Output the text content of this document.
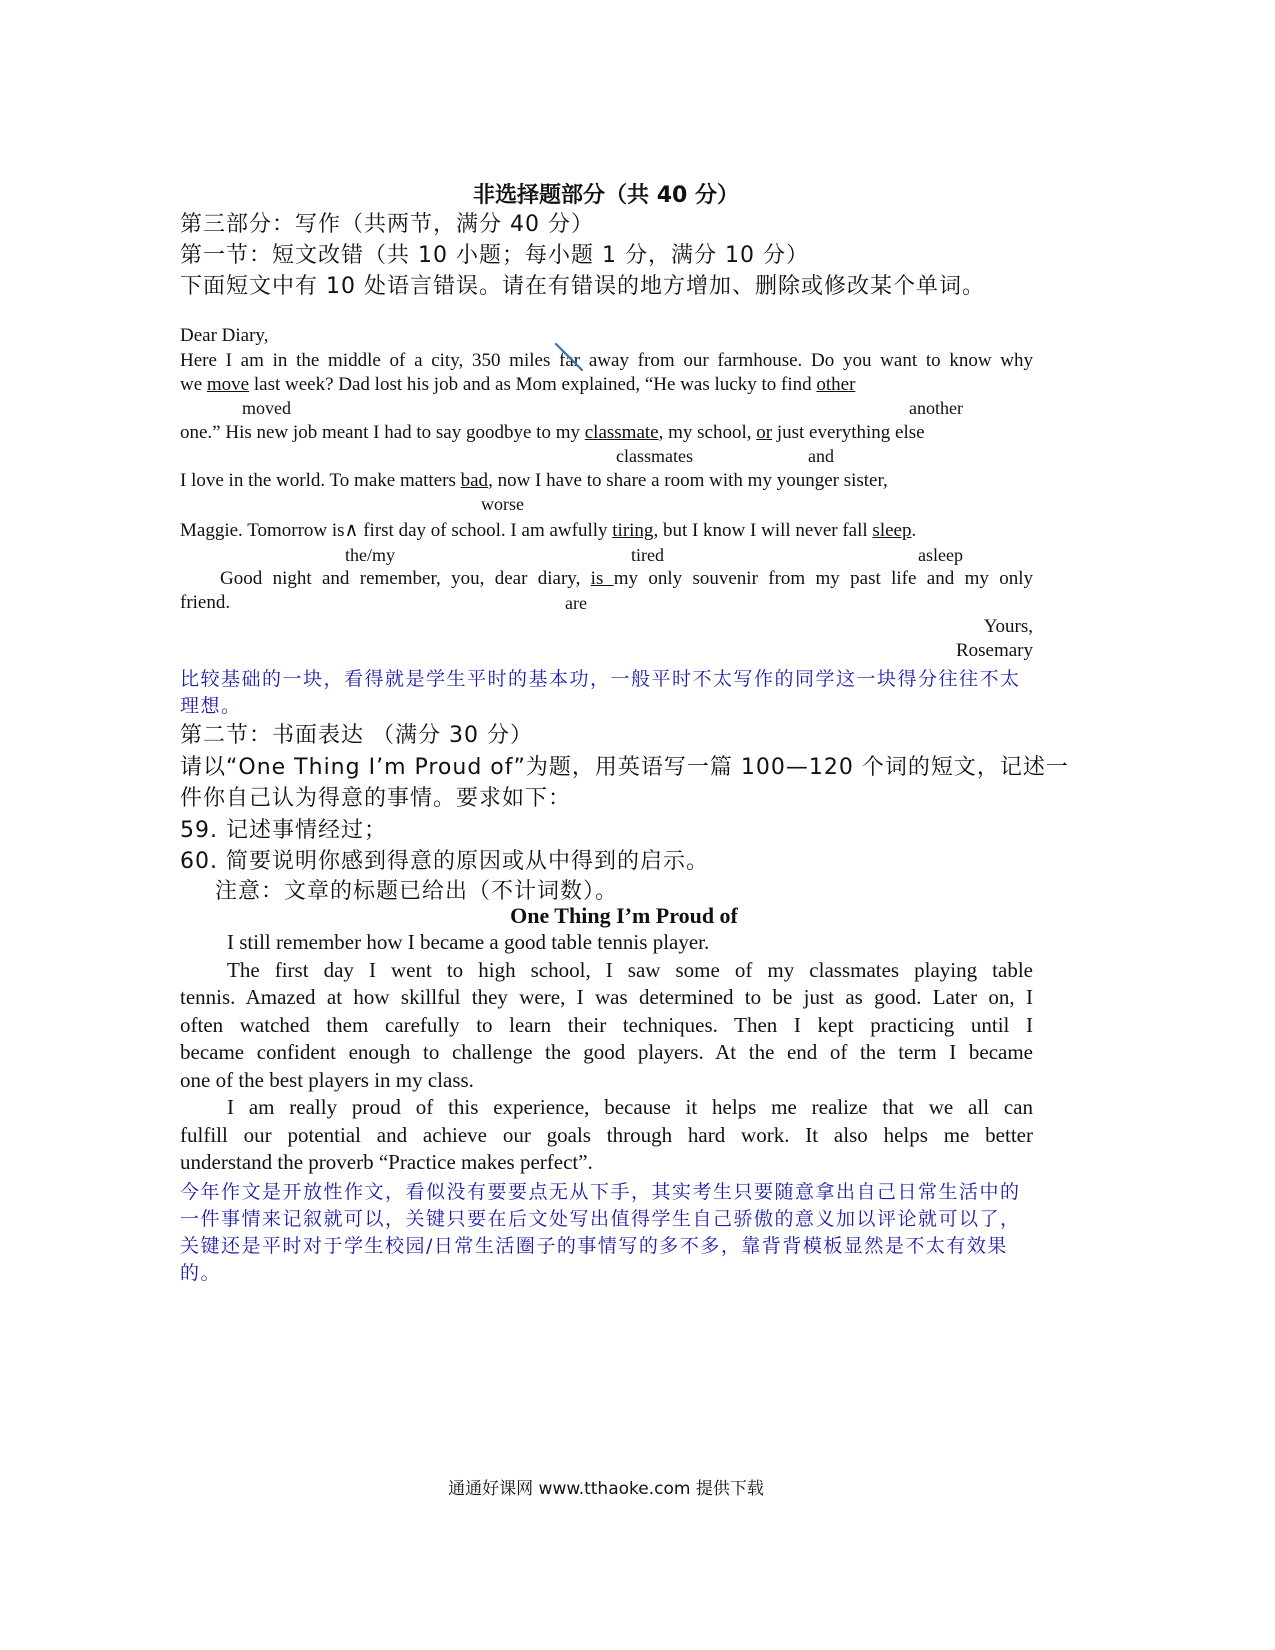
非选择题部分（共 40 分）
第三部分：写作（共两节，满分 40 分）
第一节：短文改错（共 10 小题；每小题 1 分，满分 10 分）
下面短文中有 10 处语言错误。请在有错误的地方增加、删除或修改某个单词。
Dear Diary,
Here I am in the middle of a city, 350 miles far away from our farmhouse. Do you want to know why
we move last week? Dad lost his job and as Mom explained, “He was lucky to find other
moved	another
one.” His new job meant I had to say goodbye to my classmate, my school, or just everything else
classmates	and
I love in the world. To make matters bad, now I have to share a room with my younger sister,
worse
Maggie. Tomorrow is∧ first day of school. I am awfully tiring, but I know I will never fall sleep.
the/my	tired	asleep
Good night and remember, you, dear diary, is my only souvenir from my past life and my only
friend.	are
Yours,
Rosemary
比较基础的一块，看得就是学生平时的基本功，一般平时不太写作的同学这一块得分往往不太
理想。
第二节：书面表达 （满分 30 分）
请以“One Thing I’m Proud of”为题，用英语写一篇 100—120 个词的短文，记述一
件你自己认为得意的事情。要求如下：
59. 记述事情经过；
60. 简要说明你感到得意的原因或从中得到的启示。
注意：文章的标题已给出（不计词数）。
One Thing I’m Proud of
I still remember how I became a good table tennis player.
The first day I went to high school, I saw some of my classmates playing table
tennis. Amazed at how skillful they were, I was determined to be just as good. Later on, I
often watched them carefully to learn their techniques. Then I kept practicing until I
became confident enough to challenge the good players. At the end of the term I became
one of the best players in my class.
I am really proud of this experience, because it helps me realize that we all can
fulfill our potential and achieve our goals through hard work. It also helps me better
understand the proverb “Practice makes perfect”.
今年作文是开放性作文，看似没有要要点无从下手，其实考生只要随意拿出自己日常生活中的
一件事情来记叙就可以，关键只要在后文处写出值得学生自己骄傲的意义加以评论就可以了，
关键还是平时对于学生校园/日常生活圈子的事情写的多不多，靠背背模板显然是不太有效果
的。
通通好课网 www.tthaoke.com 提供下载
